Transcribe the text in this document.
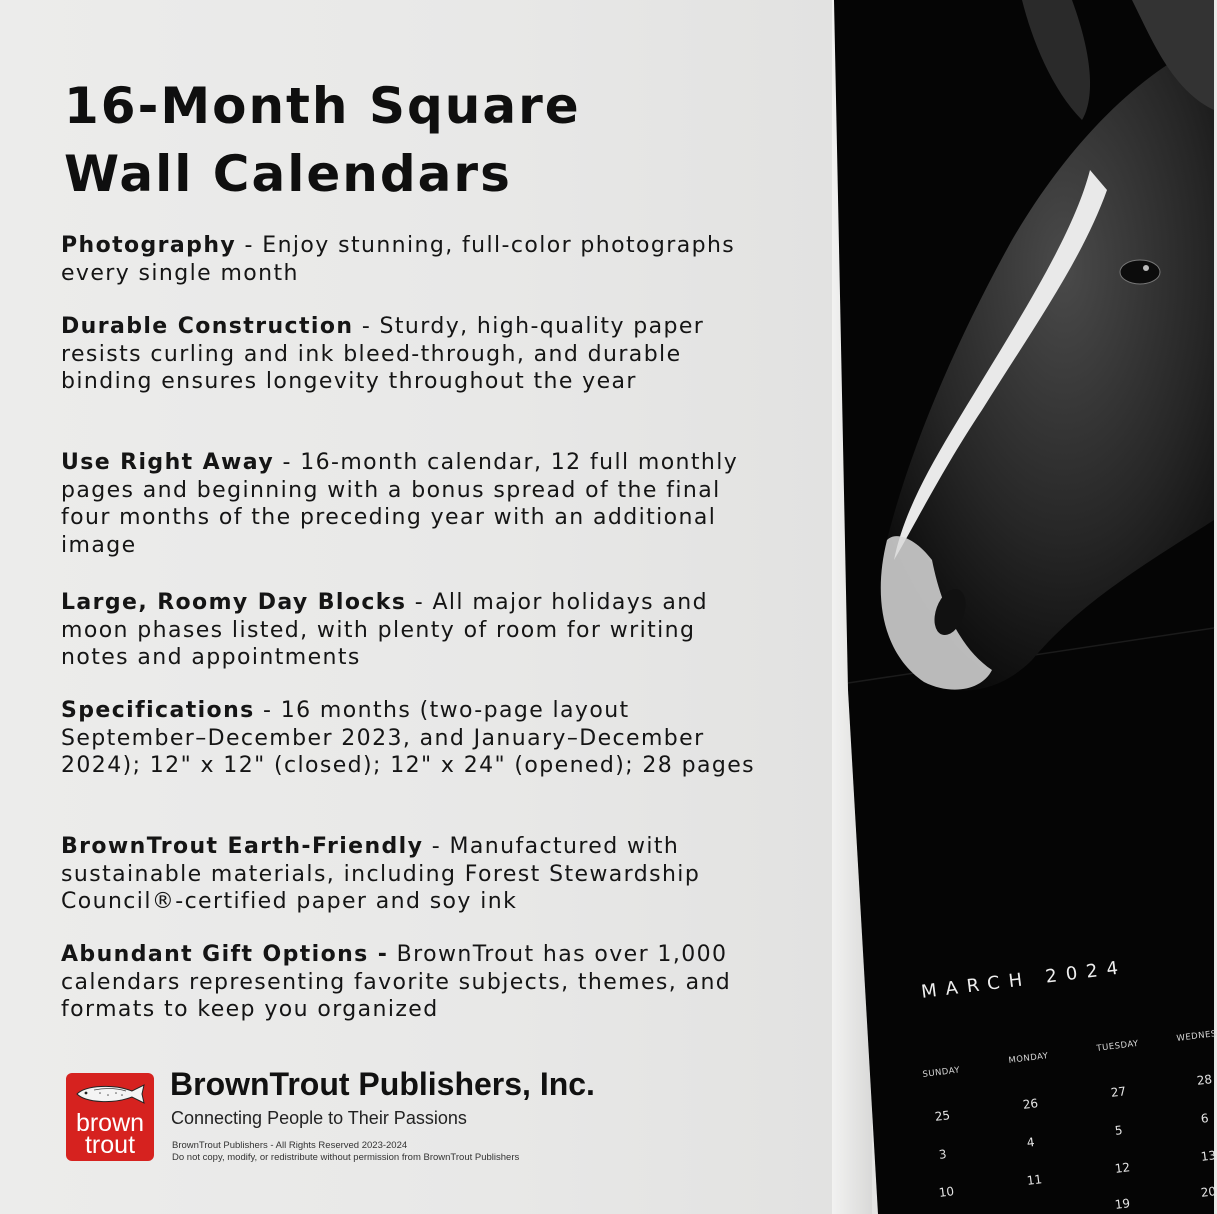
16-Month Square
Wall Calendars

Photography - Enjoy stunning, full-color photographs every single month

Durable Construction - Sturdy, high-quality paper resists curling and ink bleed-through, and durable binding ensures longevity throughout the year

Use Right Away - 16-month calendar, 12 full monthly pages and beginning with a bonus spread of the final four months of the preceding year with an additional image

Large, Roomy Day Blocks - All major holidays and moon phases listed, with plenty of room for writing notes and appointments

Specifications - 16 months (two-page layout September–December 2023, and January–December 2024); 12" x 12" (closed); 12" x 24" (opened); 28 pages

BrownTrout Earth-Friendly - Manufactured with sustainable materials, including Forest Stewardship Council®-certified paper and soy ink

Abundant Gift Options - BrownTrout has over 1,000 calendars representing favorite subjects, themes, and formats to keep you organized

brown
trout
BrownTrout Publishers, Inc.
Connecting People to Their Passions
BrownTrout Publishers - All Rights Reserved 2023-2024
Do not copy, modify, or redistribute without permission from BrownTrout Publishers
MARCH 2024
SUNDAY
MONDAY
TUESDAY
WEDNES
25
26
27
28
3
4
5
6
10
11
12
13
19
20
